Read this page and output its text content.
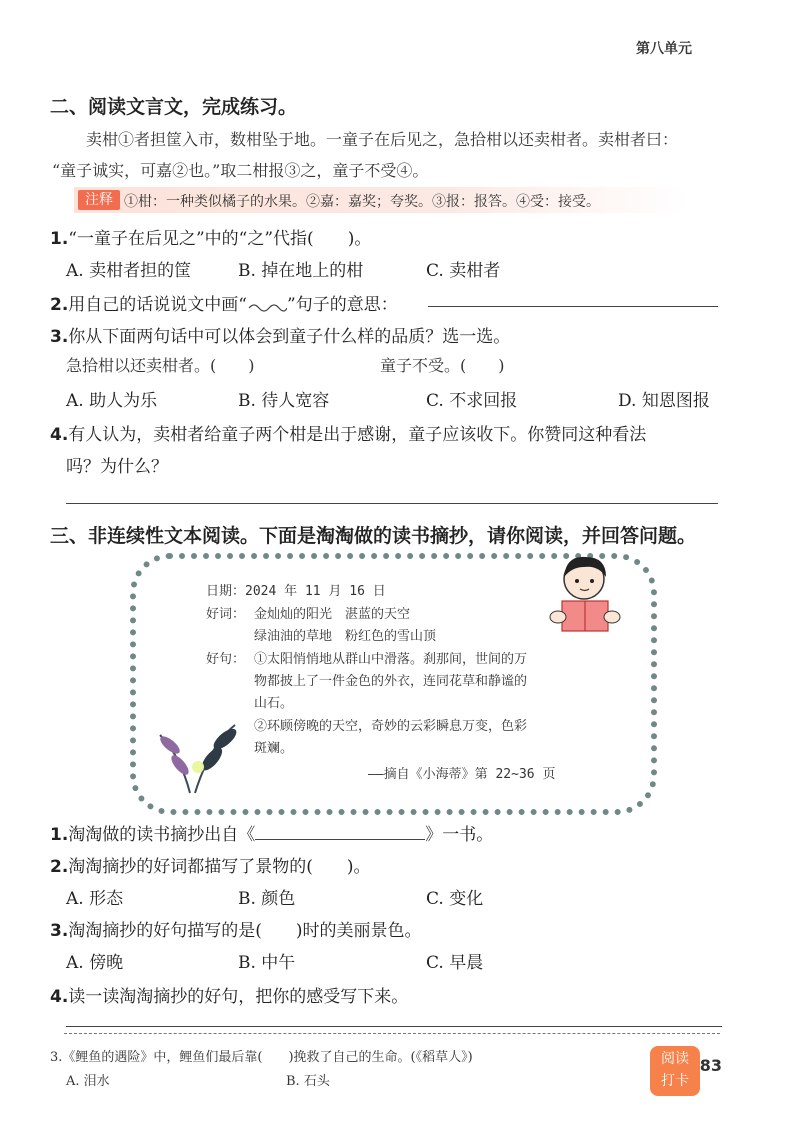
第八单元
二、阅读文言文，完成练习。
卖柑①者担筐入市，数柑坠于地。一童子在后见之，急拾柑以还卖柑者。卖柑者曰：
“童子诚实，可嘉②也。”取二柑报③之，童子不受④。
注释 ①柑：一种类似橘子的水果。②嘉：嘉奖；夸奖。③报：报答。④受：接受。
1.“一童子在后见之”中的“之”代指(　　)。
A. 卖柑者担的筐	B. 掉在地上的柑	C. 卖柑者
2.用自己的话说说文中画“ ”句子的意思：
3.你从下面两句话中可以体会到童子什么样的品质？选一选。
急拾柑以还卖柑者。(　　)	童子不受。(　　)
A. 助人为乐	B. 待人宽容	C. 不求回报	D. 知恩图报
4.有人认为，卖柑者给童子两个柑是出于感谢，童子应该收下。你赞同这种看法
吗？为什么？
三、非连续性文本阅读。下面是淘淘做的读书摘抄，请你阅读，并回答问题。
日期：2024 年 11 月 16 日
好词： 金灿灿的阳光　湛蓝的天空
绿油油的草地　粉红色的雪山顶
好句： ①太阳悄悄地从群山中滑落。刹那间，世间的万
物都披上了一件金色的外衣，连同花草和静谧的
山石。
②环顾傍晚的天空，奇妙的云彩瞬息万变，色彩
斑斓。
——摘自《小海蒂》第 22~36 页
1.淘淘做的读书摘抄出自《	》一书。
2.淘淘摘抄的好词都描写了景物的(　　)。
A. 形态	B. 颜色	C. 变化
3.淘淘摘抄的好句描写的是(　　)时的美丽景色。
A. 傍晚	B. 中午	C. 早晨
4.读一读淘淘摘抄的好句，把你的感受写下来。
3.《鲤鱼的遇险》中，鲤鱼们最后靠(　　)挽救了自己的生命。(《稻草人》)
A. 泪水	B. 石头
阅读
打卡
83
